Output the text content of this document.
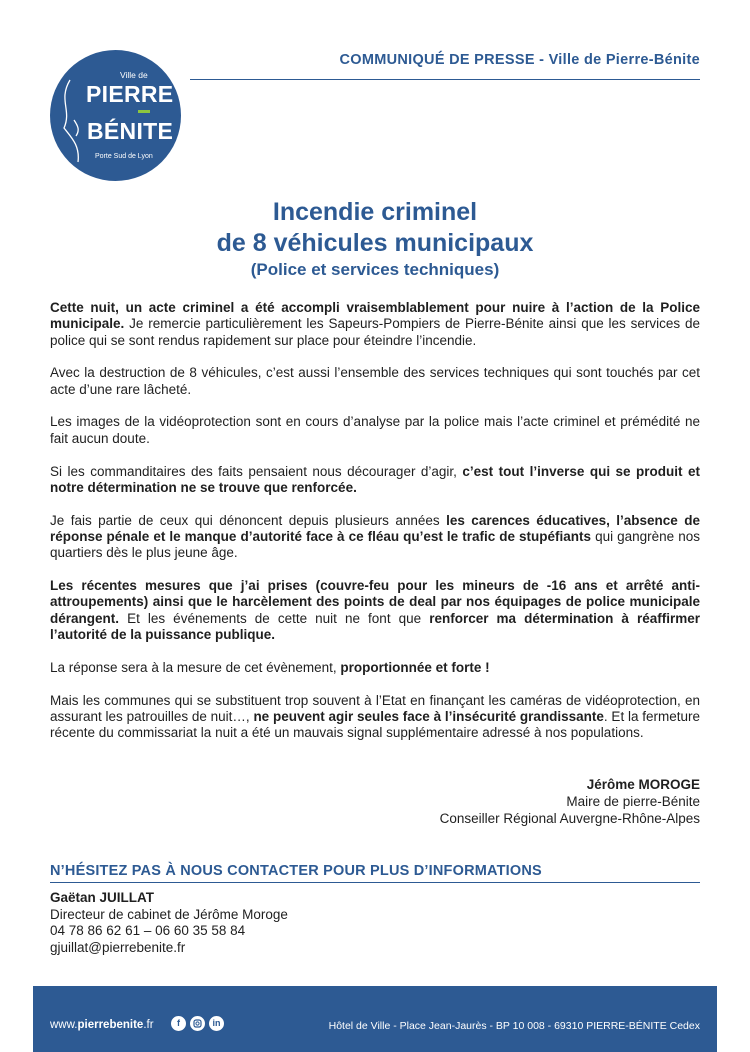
Ville de
PIERRE
BÉNITE
Porte Sud de Lyon
COMMUNIQUÉ DE PRESSE - Ville de Pierre-Bénite
Incendie criminel
de 8 véhicules municipaux
(Police et services techniques)

Cette nuit, un acte criminel a été accompli vraisemblablement pour nuire à l’action de la Police municipale. Je remercie particulièrement les Sapeurs-Pompiers de Pierre-Bénite ainsi que les services de police qui se sont rendus rapidement sur place pour éteindre l’incendie.

Avec la destruction de 8 véhicules, c’est aussi l’ensemble des services techniques qui sont touchés par cet acte d’une rare lâcheté.

Les images de la vidéoprotection sont en cours d’analyse par la police mais l’acte criminel et prémédité ne fait aucun doute.

Si les commanditaires des faits pensaient nous décourager d’agir, c’est tout l’inverse qui se produit et notre détermination ne se trouve que renforcée.

Je fais partie de ceux qui dénoncent depuis plusieurs années les carences éducatives, l’absence de réponse pénale et le manque d’autorité face à ce fléau qu’est le trafic de stupéfiants qui gangrène nos quartiers dès le plus jeune âge.

Les récentes mesures que j’ai prises (couvre-feu pour les mineurs de -16 ans et arrêté anti-attroupements) ainsi que le harcèlement des points de deal par nos équipages de police municipale dérangent. Et les événements de cette nuit ne font que renforcer ma détermination à réaffirmer l’autorité de la puissance publique.

La réponse sera à la mesure de cet évènement, proportionnée et forte !

Mais les communes qui se substituent trop souvent à l’Etat en finançant les caméras de vidéoprotection, en assurant les patrouilles de nuit…, ne peuvent agir seules face à l’insécurité grandissante. Et la fermeture récente du commissariat la nuit a été un mauvais signal supplémentaire adressé à nos populations.

Jérôme MOROGE
Maire de pierre-Bénite
Conseiller Régional Auvergne-Rhône-Alpes
N’HÉSITEZ PAS À NOUS CONTACTER POUR PLUS D’INFORMATIONS
Gaëtan JUILLAT
Directeur de cabinet de Jérôme Moroge
04 78 86 62 61 – 06 60 35 58 84
gjuillat@pierrebenite.fr
www.pierrebenite.fr	f	in	Hôtel de Ville - Place Jean-Jaurès - BP 10 008 - 69310 PIERRE-BÉNITE Cedex
